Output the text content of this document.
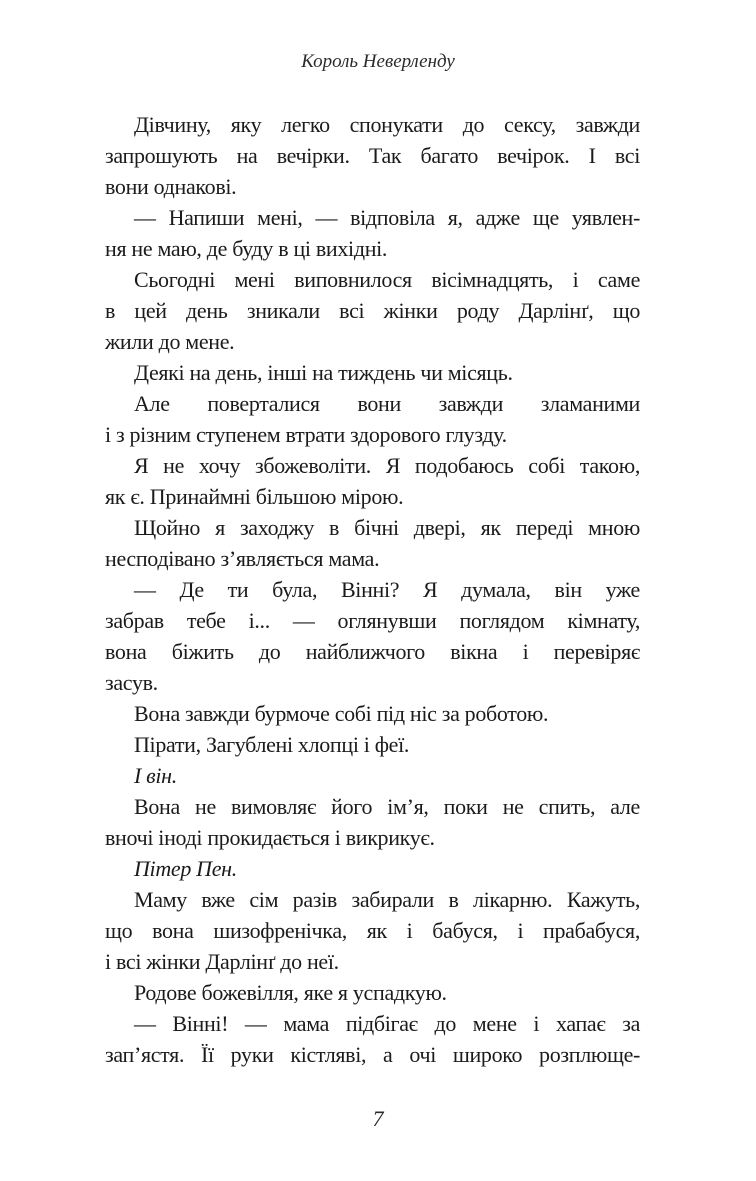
Король Неверленду
Дівчину, яку легко спонукати до сексу, завжди
запрошують на вечірки. Так багато вечірок. І всі
вони однакові.
— Напиши мені, — відповіла я, адже ще уявлен-
ня не маю, де буду в ці вихідні.
Сьогодні мені виповнилося вісімнадцять, і саме
в цей день зникали всі жінки роду Дарлінґ, що
жили до мене.
Деякі на день, інші на тиждень чи місяць.
Але поверталися вони завжди зламаними
і з різним ступенем втрати здорового глузду.
Я не хочу збожеволіти. Я подобаюсь собі такою,
як є. Принаймні більшою мірою.
Щойно я заходжу в бічні двері, як переді мною
несподівано з’являється мама.
— Де ти була, Вінні? Я думала, він уже
забрав тебе і... — оглянувши поглядом кімнату,
вона біжить до найближчого вікна і перевіряє
засув.
Вона завжди бурмоче собі під ніс за роботою.
Пірати, Загублені хлопці і феї.
І він.
Вона не вимовляє його ім’я, поки не спить, але
вночі іноді прокидається і викрикує.
Пітер Пен.
Маму вже сім разів забирали в лікарню. Кажуть,
що вона шизофренічка, як і бабуся, і прабабуся,
і всі жінки Дарлінґ до неї.
Родове божевілля, яке я успадкую.
— Вінні! — мама підбігає до мене і хапає за
зап’ястя. Її руки кістляві, а очі широко розплюще-
7
